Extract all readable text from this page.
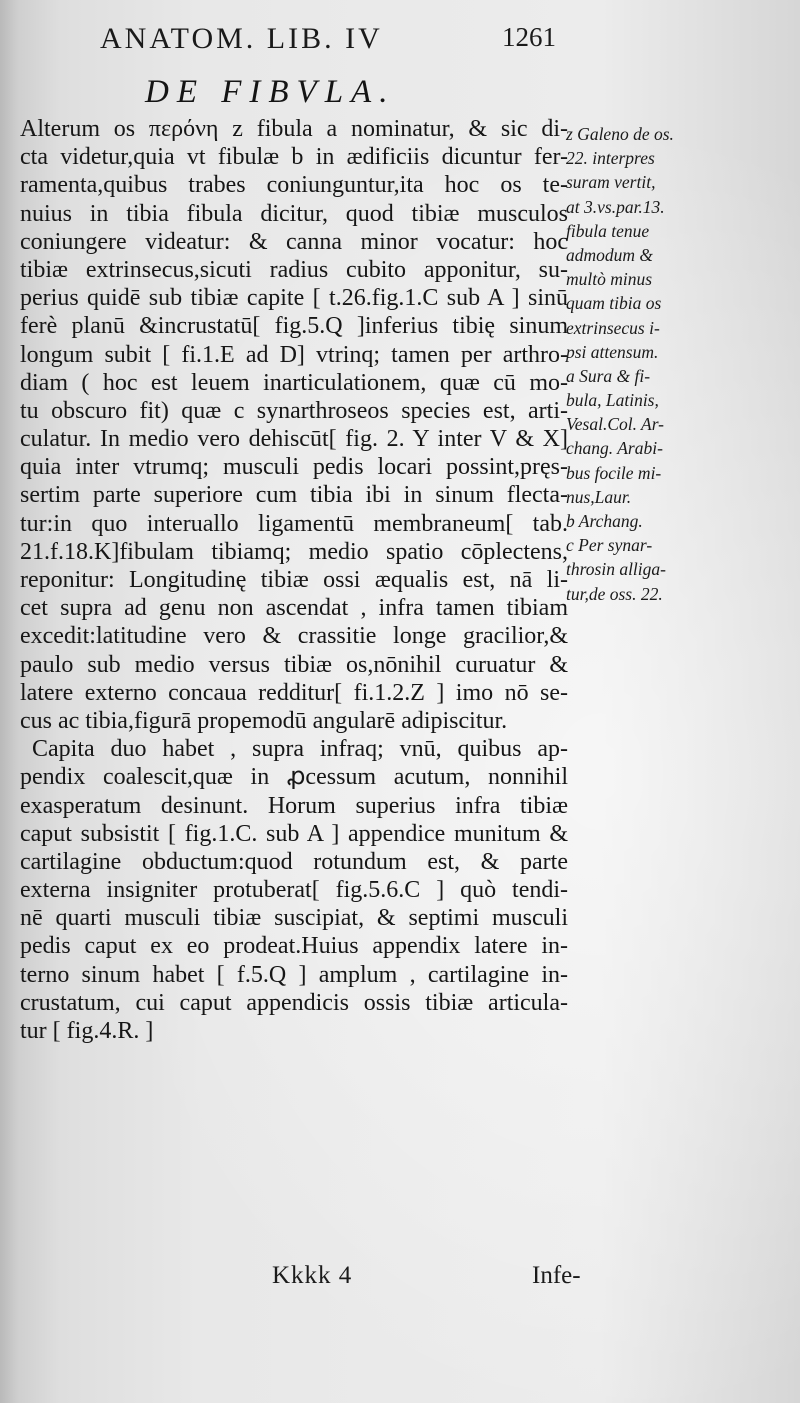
ANATOM. LIB. IV	1261
DE FIBVLA.
Alterum os περόνη z fibula a nominatur, & sic di-
cta videtur,quia vt fibulæ b in ædificiis dicuntur fer-
ramenta,quibus trabes coniunguntur,ita hoc os te-
nuius in tibia fibula dicitur, quod tibiæ musculos
coniungere videatur: & canna minor vocatur: hoc
tibiæ extrinsecus,sicuti radius cubito apponitur, su-
perius quidē sub tibiæ capite [ t.26.fig.1.C sub A ] sinū
ferè planū &incrustatū[ fig.5.Q ]inferius tibię sinum
longum subit [ fi.1.E ad D] vtrinq; tamen per arthro-
diam ( hoc est leuem inarticulationem, quæ cū mo-
tu obscuro fit) quæ c synarthroseos species est, arti-
culatur. In medio vero dehiscūt[ fig. 2. Y inter V & X]
quia inter vtrumq; musculi pedis locari possint,pręs-
sertim parte superiore cum tibia ibi in sinum flecta-
tur:in quo interuallo ligamentū membraneum[ tab.
21.f.18.K]fibulam tibiamq; medio spatio cōplectens,
reponitur: Longitudinę tibiæ ossi æqualis est, nā li-
cet supra ad genu non ascendat , infra tamen tibiam
excedit:latitudine vero & crassitie longe gracilior,&
paulo sub medio versus tibiæ os,nōnihil curuatur &
latere externo concaua redditur[ fi.1.2.Z ] imo nō se-
cus ac tibia,figurā propemodū angularē adipiscitur.
Capita duo habet , supra infraq; vnū, quibus ap-
pendix coalescit,quæ in ꝓcessum acutum, nonnihil
exasperatum desinunt. Horum superius infra tibiæ
caput subsistit [ fig.1.C. sub A ] appendice munitum &
cartilagine obductum:quod rotundum est, & parte
externa insigniter protuberat[ fig.5.6.C ] quò tendi-
nē quarti musculi tibiæ suscipiat, & septimi musculi
pedis caput ex eo prodeat.Huius appendix latere in-
terno sinum habet [ f.5.Q ] amplum , cartilagine in-
crustatum, cui caput appendicis ossis tibiæ articula-
tur [ fig.4.R. ]
z Galeno de os.
22. interpres
suram vertit,
at 3.vs.par.13.
fibula tenue
admodum &
multò minus
quam tibia os
extrinsecus i-
psi attensum.
a Sura & fi-
bula, Latinis,
Vesal.Col. Ar-
chang. Arabi-
bus focile mi-
nus,Laur.
b Archang.
c Per synar-
throsin alliga-
tur,de oss. 22.
Kkkk 4	Infe-
